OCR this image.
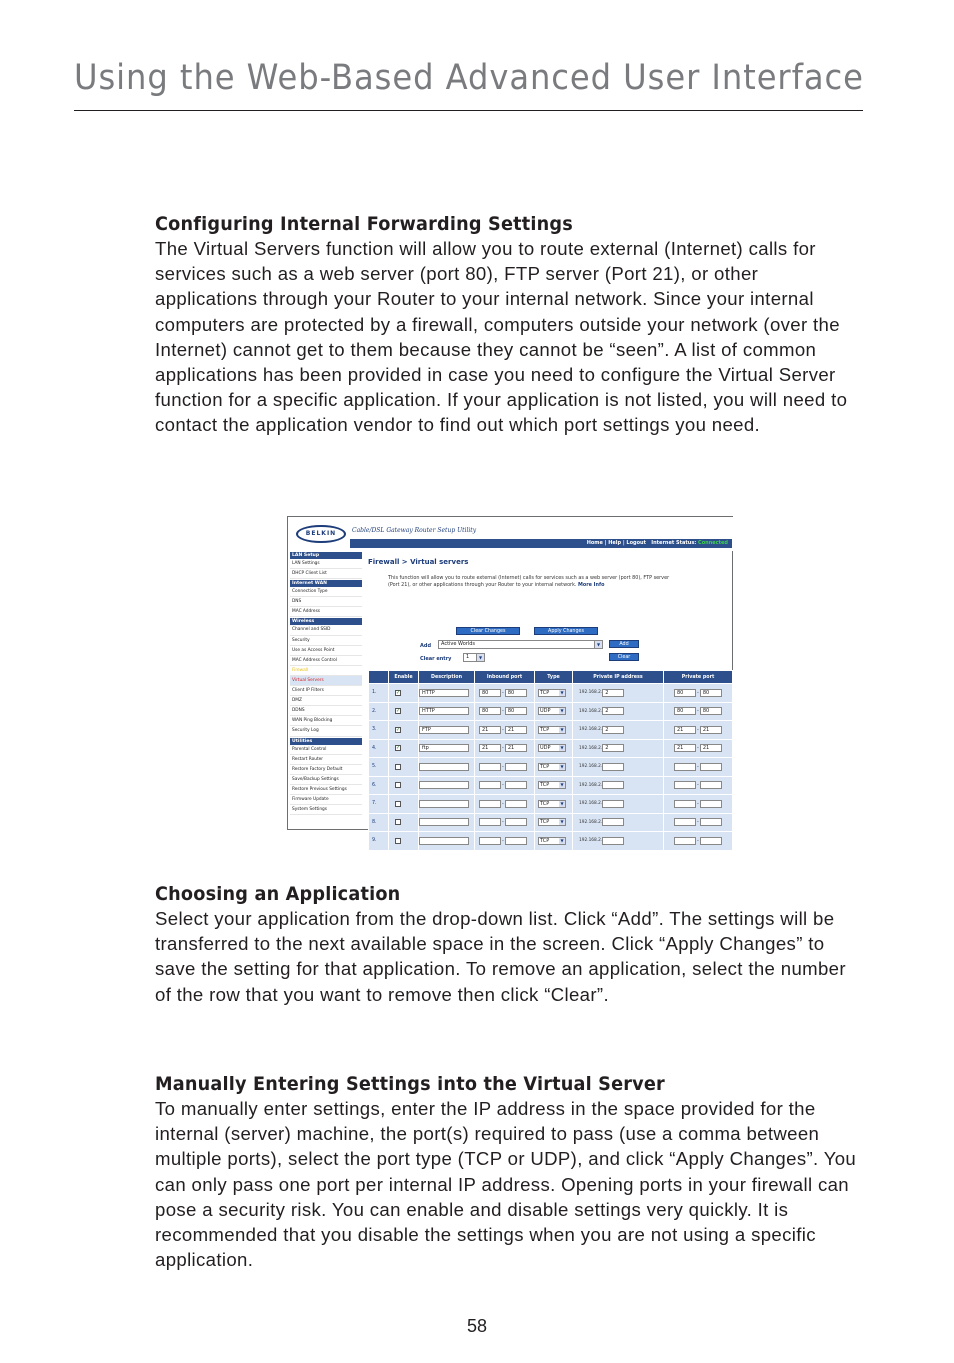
Using the Web-Based Advanced User Interface
Configuring Internal Forwarding Settings

The Virtual Servers function will allow you to route external (Internet) calls for services such as a web server (port 80), FTP server (Port 21), or other applications through your Router to your internal network. Since your internal computers are protected by a firewall, computers outside your network (over the Internet) cannot get to them because they cannot be “seen”. A list of common applications has been provided in case you need to configure the Virtual Server function for a specific application. If your application is not listed, you will need to contact the application vendor to find out which port settings you need.

BELKIN	Cable/DSL Gateway Router Setup Utility
Home | Help | Logout Internet Status: Connected
LAN Setup
LAN Settings
DHCP Client List
Internet WAN
Connection Type
DNS
MAC Address
Wireless
Channel and SSID
Security
Use as Access Point
MAC Address Control
Firewall
Virtual Servers
Client IP Filters
DMZ
DDNS
WAN Ping Blocking
Security Log
Utilities
Parental Control
Restart Router
Restore Factory Default
Save/Backup Settings
Restore Previous Settings
Firmware Update
System Settings
Firewall > Virtual servers
This function will allow you to route external (Internet) calls for services such as a web server (port 80), FTP server (Port 21), or other applications through your Router to your internal network. More Info
Clear Changes	Apply Changes
Add	Active Worlds	▼	Add
Clear entry	1	▼	Clear
	Enable	Description	Inbound port	Type	Private IP address	Private port
1.	✓	HTTP	80 - 80	TCP ▼	192.168.2. 2	80 - 80
2.	✓	HTTP	80 - 80	UDP ▼	192.168.2. 2	80 - 80
3.	✓	FTP	21 - 21	TCP ▼	192.168.2. 2	21 - 21
4.	✓	ftp	21 - 21	UDP ▼	192.168.2. 2	21 - 21
5.			-	TCP ▼	192.168.2.	-
6.			-	TCP ▼	192.168.2.	-
7.			-	TCP ▼	192.168.2.	-
8.			-	TCP ▼	192.168.2.	-
9.			-	TCP ▼	192.168.2.	-
Choosing an Application

Select your application from the drop-down list. Click “Add”. The settings will be transferred to the next available space in the screen. Click “Apply Changes” to save the setting for that application. To remove an application, select the number of the row that you want to remove then click “Clear”.

Manually Entering Settings into the Virtual Server

To manually enter settings, enter the IP address in the space provided for the internal (server) machine, the port(s) required to pass (use a comma between multiple ports), select the port type (TCP or UDP), and click “Apply Changes”. You can only pass one port per internal IP address. Opening ports in your firewall can pose a security risk. You can enable and disable settings very quickly. It is recommended that you disable the settings when you are not using a specific application.

58
